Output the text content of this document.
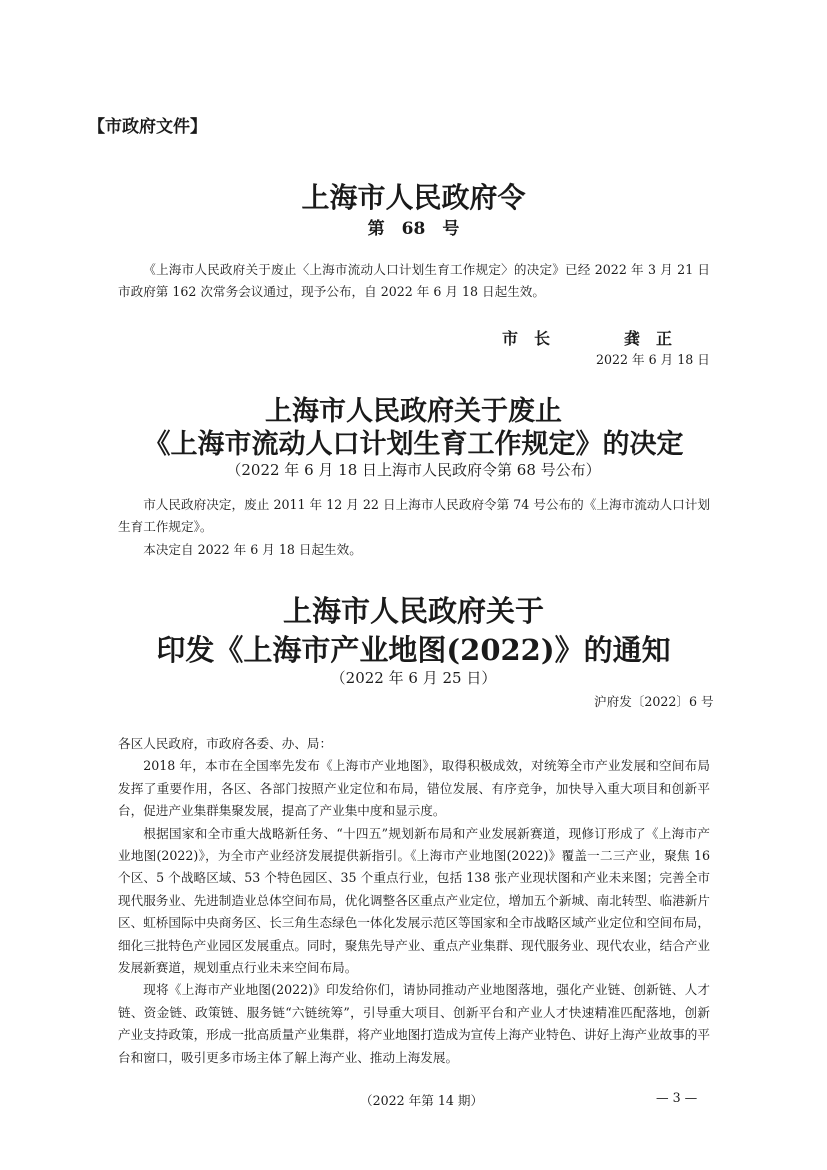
【市政府文件】
上海市人民政府令
第　68　号

《上海市人民政府关于废止〈上海市流动人口计划生育工作规定〉的决定》已经 2022 年 3 月 21 日市政府第 162 次常务会议通过，现予公布，自 2022 年 6 月 18 日起生效。

市　长	龚　正
2022 年 6 月 18 日
上海市人民政府关于废止
《上海市流动人口计划生育工作规定》的决定
（2022 年 6 月 18 日上海市人民政府令第 68 号公布）

市人民政府决定，废止 2011 年 12 月 22 日上海市人民政府令第 74 号公布的《上海市流动人口计划生育工作规定》。

本决定自 2022 年 6 月 18 日起生效。

上海市人民政府关于
印发《上海市产业地图(2022)》的通知
（2022 年 6 月 25 日）
沪府发〔2022〕6 号

各区人民政府，市政府各委、办、局：

2018 年，本市在全国率先发布《上海市产业地图》，取得积极成效，对统筹全市产业发展和空间布局发挥了重要作用，各区、各部门按照产业定位和布局，错位发展、有序竞争，加快导入重大项目和创新平台，促进产业集群集聚发展，提高了产业集中度和显示度。

根据国家和全市重大战略新任务、“十四五”规划新布局和产业发展新赛道，现修订形成了《上海市产业地图(2022)》，为全市产业经济发展提供新指引。《上海市产业地图(2022)》覆盖一二三产业，聚焦 16 个区、5 个战略区域、53 个特色园区、35 个重点行业，包括 138 张产业现状图和产业未来图；完善全市现代服务业、先进制造业总体空间布局，优化调整各区重点产业定位，增加五个新城、南北转型、临港新片区、虹桥国际中央商务区、长三角生态绿色一体化发展示范区等国家和全市战略区域产业定位和空间布局，细化三批特色产业园区发展重点。同时，聚焦先导产业、重点产业集群、现代服务业、现代农业，结合产业发展新赛道，规划重点行业未来空间布局。

现将《上海市产业地图(2022)》印发给你们，请协同推动产业地图落地，强化产业链、创新链、人才链、资金链、政策链、服务链“六链统筹”，引导重大项目、创新平台和产业人才快速精准匹配落地，创新产业支持政策，形成一批高质量产业集群，将产业地图打造成为宣传上海产业特色、讲好上海产业故事的平台和窗口，吸引更多市场主体了解上海产业、推动上海发展。

（2022 年第 14 期）	— 3 —
